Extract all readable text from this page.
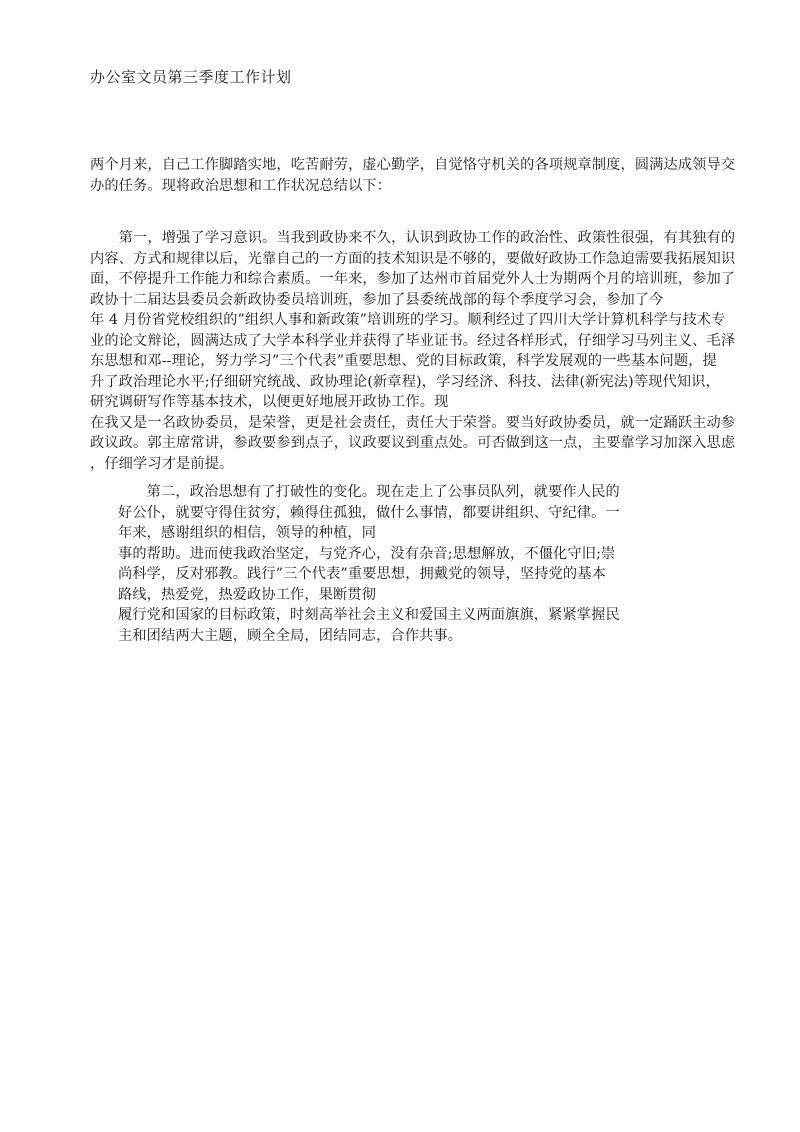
办公室文员第三季度工作计划
两个月来，自己工作脚踏实地，吃苦耐劳，虚心勤学，自觉恪守机关的各项规章制度，圆满达成领导交
办的任务。现将政治思想和工作状况总结以下：
　　第一，增强了学习意识。当我到政协来不久，认识到政协工作的政治性、政策性很强，有其独有的
内容、方式和规律以后，光靠自己的一方面的技术知识是不够的，要做好政协工作急迫需要我拓展知识
面，不停提升工作能力和综合素质。一年来，参加了达州市首届党外人士为期两个月的培训班，参加了
政协十二届达县委员会新政协委员培训班，参加了县委统战部的每个季度学习会，参加了今
年 4 月份省党校组织的”组织人事和新政策”培训班的学习。顺利经过了四川大学计算机科学与技术专
业的论文辩论，圆满达成了大学本科学业并获得了毕业证书。经过各样形式，仔细学习马列主义、毛泽
东思想和邓--理论，努力学习”三个代表”重要思想、党的目标政策，科学发展观的一些基本问题，提
升了政治理论水平;仔细研究统战、政协理论(新章程)，学习经济、科技、法律(新宪法)等现代知识，
研究调研写作等基本技术，以便更好地展开政协工作。现
在我又是一名政协委员，是荣誉，更是社会责任，责任大于荣誉。要当好政协委员，就一定踊跃主动参
政议政。郭主席常讲，参政要参到点子，议政要议到重点处。可否做到这一点，主要靠学习加深入思虑
，仔细学习才是前提。
　　第二，政治思想有了打破性的变化。现在走上了公事员队列，就要作人民的
好公仆，就要守得住贫穷，赖得住孤独，做什么事情，都要讲组织、守纪律。一
年来，感谢组织的相信，领导的种植，同
事的帮助。进而使我政治坚定，与党齐心，没有杂音;思想解放，不僵化守旧;崇
尚科学，反对邪教。践行”三个代表”重要思想，拥戴党的领导，坚持党的基本
路线，热爱党，热爱政协工作，果断贯彻
履行党和国家的目标政策，时刻高举社会主义和爱国主义两面旗旗，紧紧掌握民
主和团结两大主题，顾全全局，团结同志，合作共事。
